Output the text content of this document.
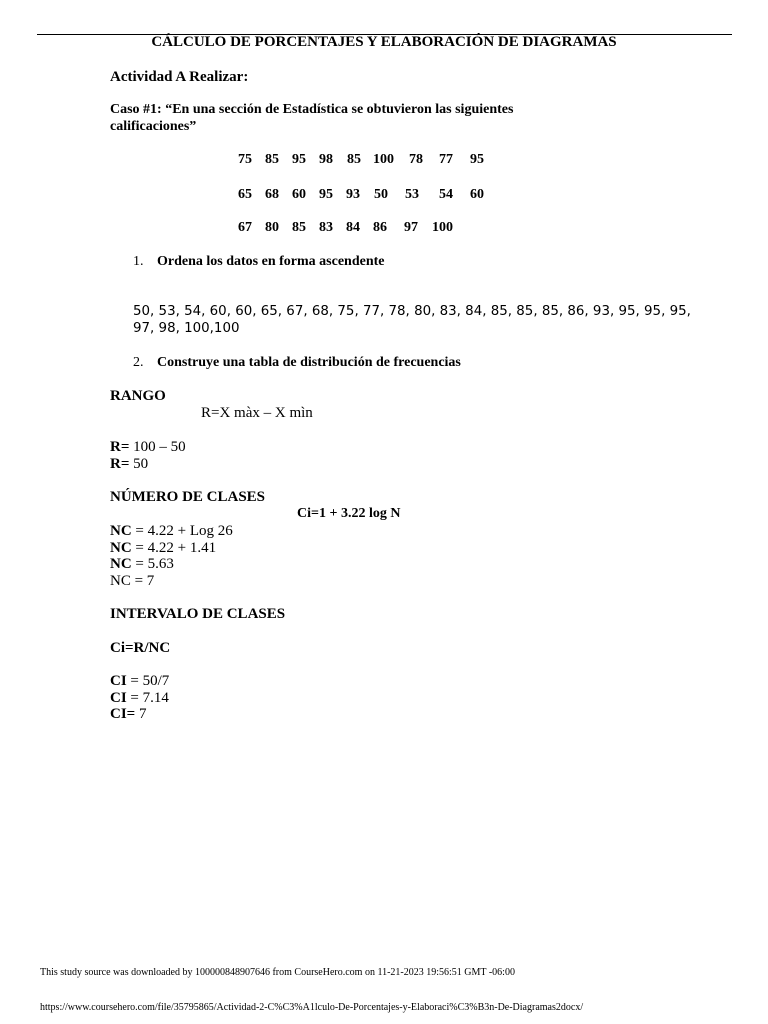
CÁLCULO DE PORCENTAJES Y ELABORACIÓN DE DIAGRAMAS
Actividad A Realizar:
Caso #1: “En una sección de Estadística se obtuvieron las siguientes
calificaciones”
75 85 95 98 85 100 78 77 95
65 68 60 95 93 50 53 54 60
67 80 85 83 84 86 97 100
1. Ordena los datos en forma ascendente
50, 53, 54, 60, 60, 65, 67, 68, 75, 77, 78, 80, 83, 84, 85, 85, 85, 86, 93, 95, 95, 95,
97, 98, 100,100
2. Construye una tabla de distribución de frecuencias
RANGO
R=X màx – X mìn
R= 100 – 50
R= 50
NÚMERO DE CLASES
Ci=1 + 3.22 log N
NC = 4.22 + Log 26
NC = 4.22 + 1.41
NC = 5.63
NC = 7
INTERVALO DE CLASES
Ci=R/NC
CI = 50/7
CI = 7.14
CI= 7
This study source was downloaded by 100000848907646 from CourseHero.com on 11-21-2023 19:56:51 GMT -06:00
https://www.coursehero.com/file/35795865/Actividad-2-C%C3%A1lculo-De-Porcentajes-y-Elaboraci%C3%B3n-De-Diagramas2docx/
